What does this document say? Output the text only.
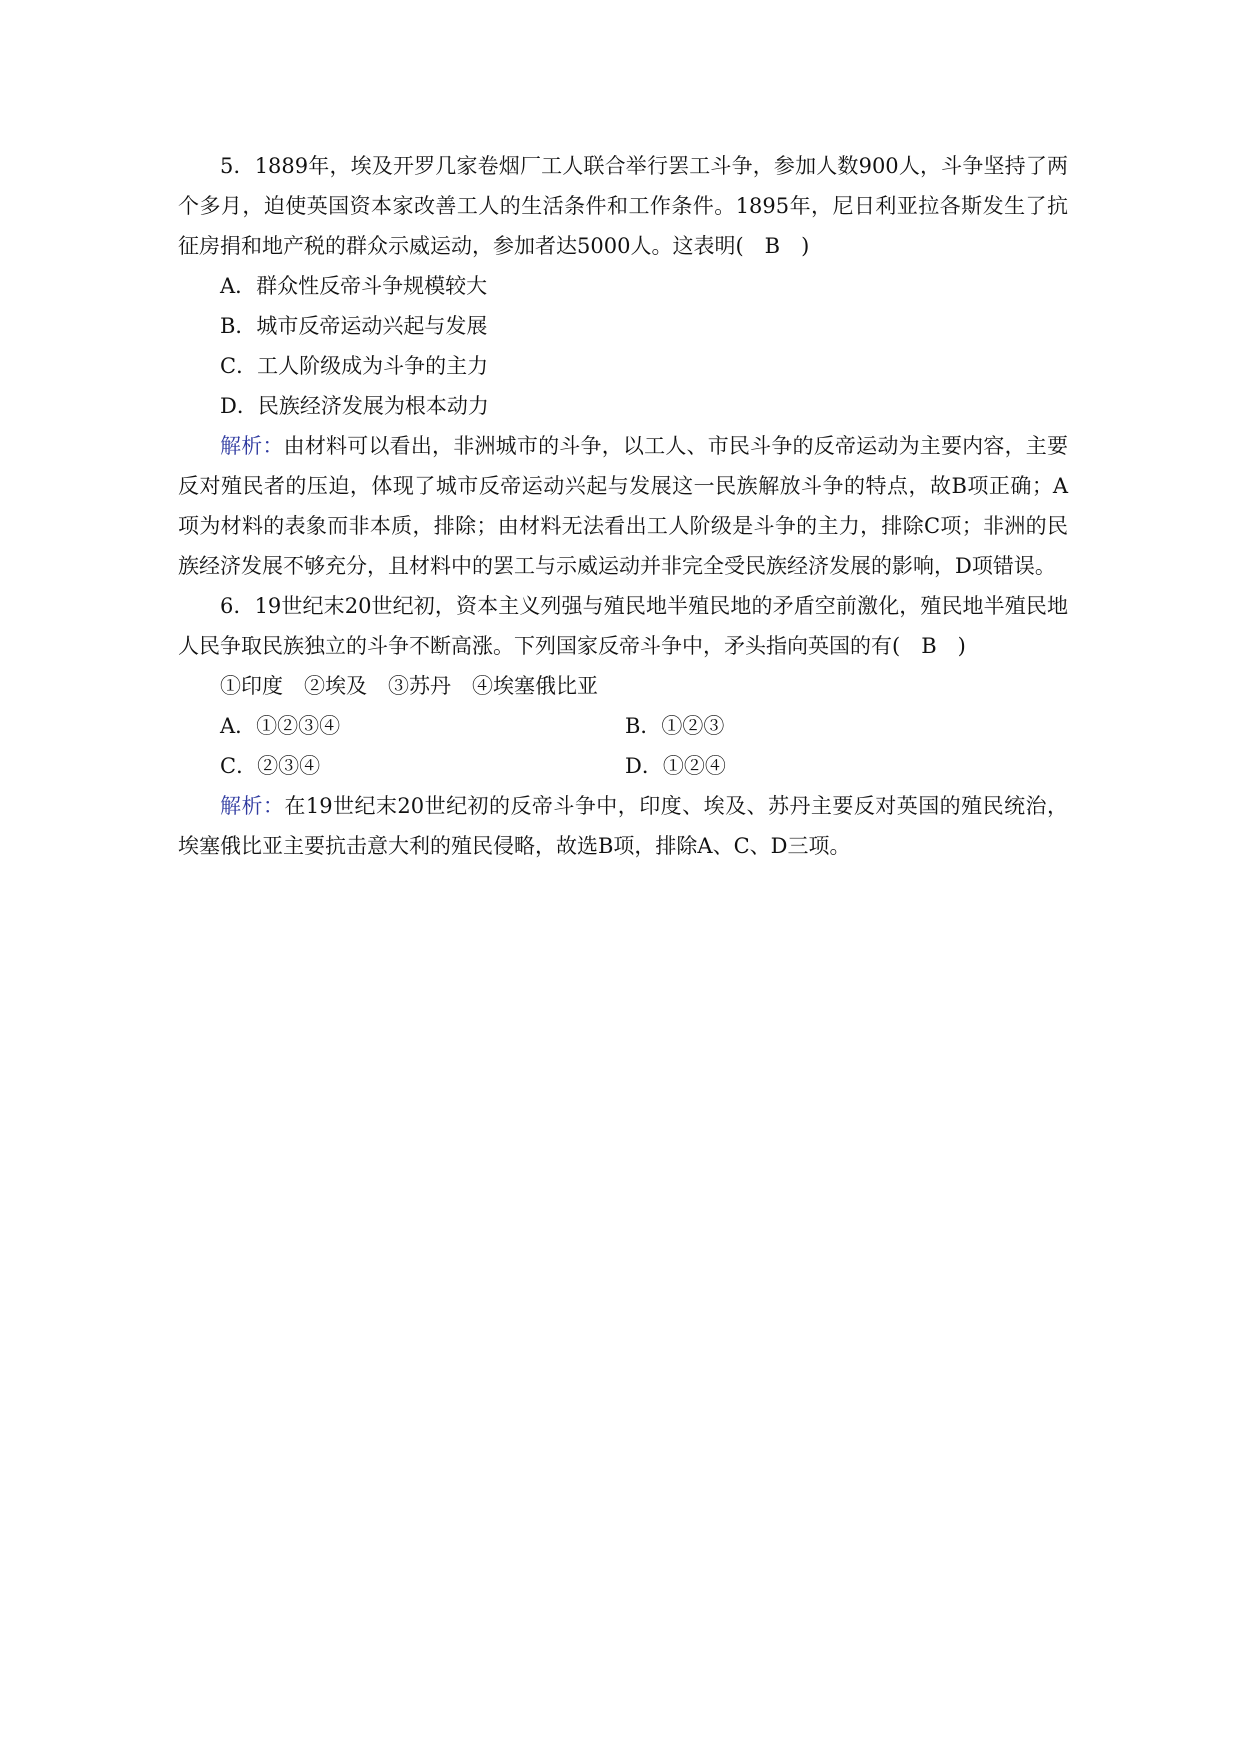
5．1889年，埃及开罗几家卷烟厂工人联合举行罢工斗争，参加人数900人，斗争坚持了两个多月，迫使英国资本家改善工人的生活条件和工作条件。1895年，尼日利亚拉各斯发生了抗征房捐和地产税的群众示威运动，参加者达5000人。这表明(　B　)

A．群众性反帝斗争规模较大

B．城市反帝运动兴起与发展

C．工人阶级成为斗争的主力

D．民族经济发展为根本动力

解析：由材料可以看出，非洲城市的斗争，以工人、市民斗争的反帝运动为主要内容，主要反对殖民者的压迫，体现了城市反帝运动兴起与发展这一民族解放斗争的特点，故B项正确；A项为材料的表象而非本质，排除；由材料无法看出工人阶级是斗争的主力，排除C项；非洲的民族经济发展不够充分，且材料中的罢工与示威运动并非完全受民族经济发展的影响，D项错误。

6．19世纪末20世纪初，资本主义列强与殖民地半殖民地的矛盾空前激化，殖民地半殖民地人民争取民族独立的斗争不断高涨。下列国家反帝斗争中，矛头指向英国的有(　B　)

①印度　②埃及　③苏丹　④埃塞俄比亚

A．①②③④	B．①②③
C．②③④	D．①②④

解析：在19世纪末20世纪初的反帝斗争中，印度、埃及、苏丹主要反对英国的殖民统治，埃塞俄比亚主要抗击意大利的殖民侵略，故选B项，排除A、C、D三项。
